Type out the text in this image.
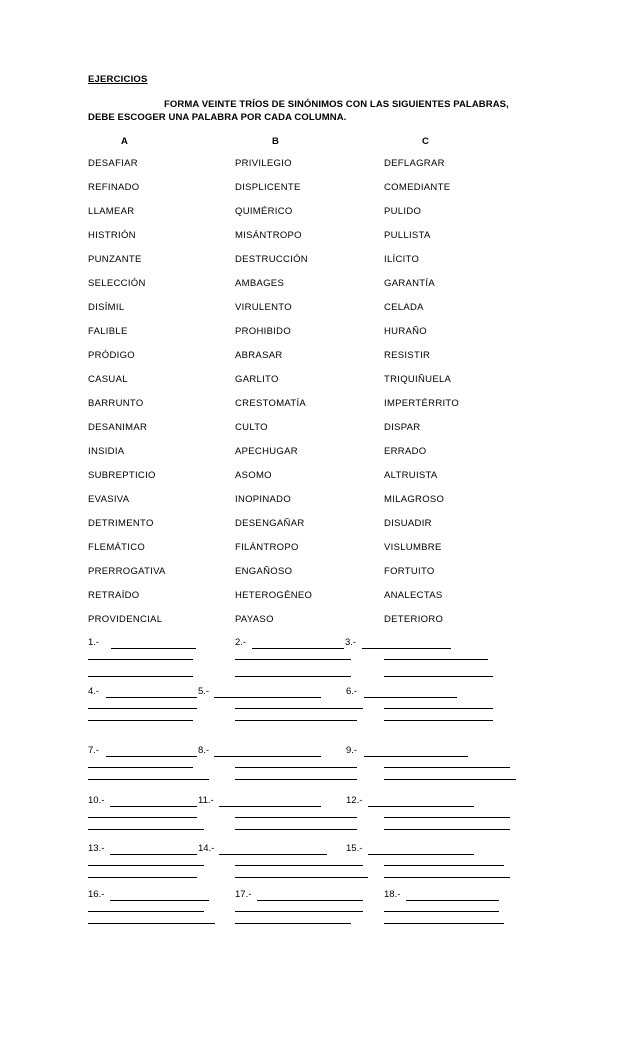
EJERCICIOS
FORMA VEINTE TRÍOS DE SINÓNIMOS CON LAS SIGUIENTES PALABRAS,
DEBE ESCOGER UNA PALABRA POR CADA COLUMNA.
A	B	C
DESAFIAR	PRIVILEGIO	DEFLAGRAR
REFINADO	DISPLICENTE	COMEDIANTE
LLAMEAR	QUIMÉRICO	PULIDO
HISTRIÓN	MISÁNTROPO	PULLISTA
PUNZANTE	DESTRUCCIÓN	ILÍCITO
SELECCIÓN	AMBAGES	GARANTÍA
DISÍMIL	VIRULENTO	CELADA
FALIBLE	PROHIBIDO	HURAÑO
PRÓDIGO	ABRASAR	RESISTIR
CASUAL	GARLITO	TRIQUIÑUELA
BARRUNTO	CRESTOMATÍA	IMPERTÉRRITO
DESANIMAR	CULTO	DISPAR
INSIDIA	APECHUGAR	ERRADO
SUBREPTICIO	ASOMO	ALTRUISTA
EVASIVA	INOPINADO	MILAGROSO
DETRIMENTO	DESENGAÑAR	DISUADIR
FLEMÁTICO	FILÁNTROPO	VISLUMBRE
PRERROGATIVA	ENGAÑOSO	FORTUITO
RETRAÍDO	HETEROGÉNEO	ANALECTAS
PROVIDENCIAL	PAYASO	DETERIORO
1.-	2.-	3.-
4.-	5.-	6.-
7.-	8.-	9.-
10.-	11.-	12.-
13.-	14.-	15.-
16.-	17.-	18.-
